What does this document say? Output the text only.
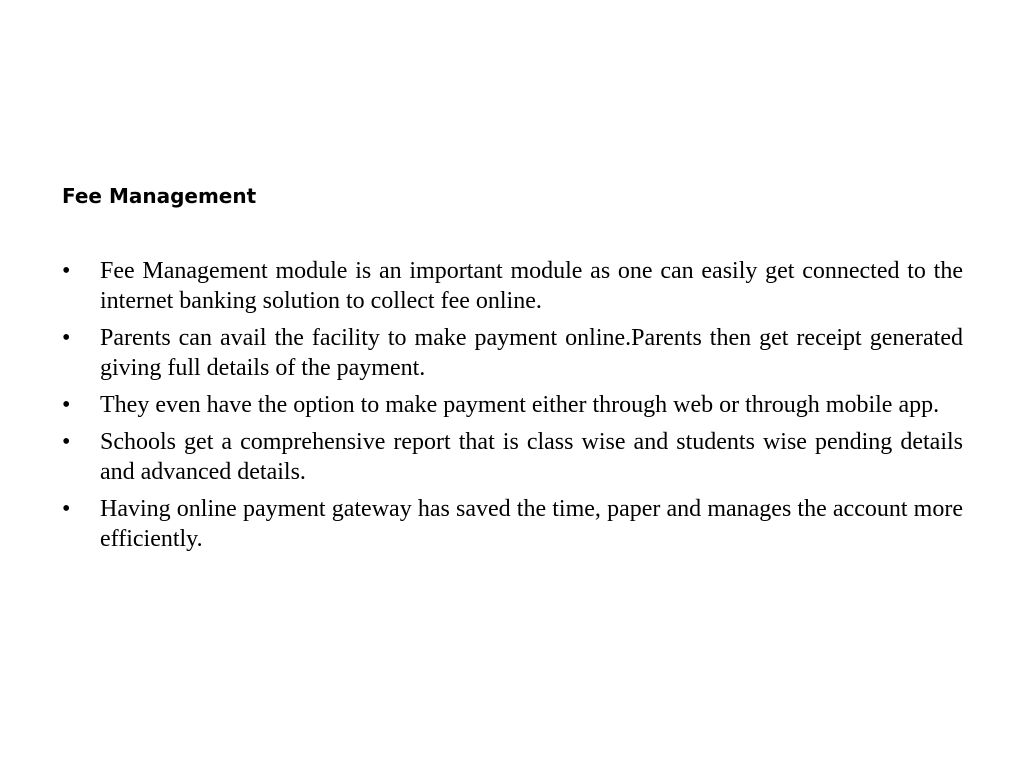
Fee Management
•	Fee Management module is an important module as one can easily get connected to the internet banking solution to collect fee online.
•	Parents can avail the facility to make payment online.Parents then get receipt generated giving full details of the payment.
•	They even have the option to make payment either through web or through mobile app.
•	Schools get a comprehensive report that is class wise and students wise pending details and advanced details.
•	Having online payment gateway has saved the time, paper and manages the account more efficiently.
